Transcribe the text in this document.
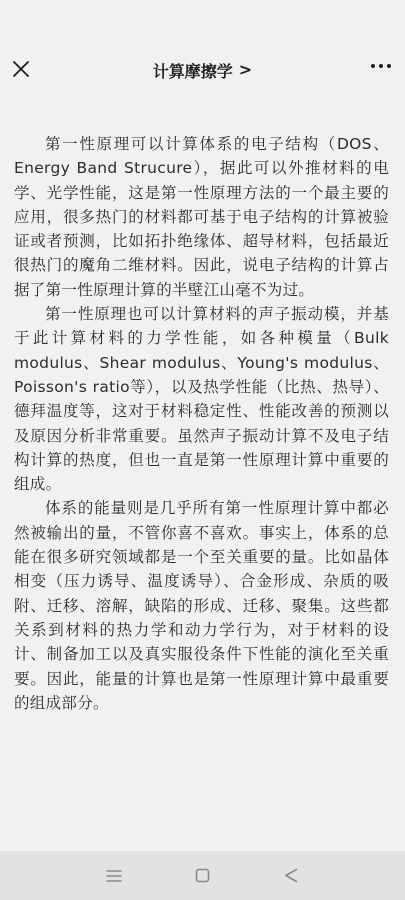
计算摩擦学 >

第一性原理可以计算体系的电子结构（DOS、Energy Band Strucure），据此可以外推材料的电学、光学性能，这是第一性原理方法的一个最主要的应用，很多热门的材料都可基于电子结构的计算被验证或者预测，比如拓扑绝缘体、超导材料，包括最近很热门的魔角二维材料。因此，说电子结构的计算占据了第一性原理计算的半壁江山毫不为过。

第一性原理也可以计算材料的声子振动模，并基于此计算材料的力学性能，如各种模量（Bulk modulus、Shear modulus、Young's modulus、Poisson's ratio等），以及热学性能（比热、热导）、德拜温度等，这对于材料稳定性、性能改善的预测以及原因分析非常重要。虽然声子振动计算不及电子结构计算的热度，但也一直是第一性原理计算中重要的组成。

体系的能量则是几乎所有第一性原理计算中都必然被输出的量，不管你喜不喜欢。事实上，体系的总能在很多研究领域都是一个至关重要的量。比如晶体相变（压力诱导、温度诱导）、合金形成、杂质的吸附、迁移、溶解，缺陷的形成、迁移、聚集。这些都关系到材料的热力学和动力学行为，对于材料的设计、制备加工以及真实服役条件下性能的演化至关重要。因此，能量的计算也是第一性原理计算中最重要的组成部分。
